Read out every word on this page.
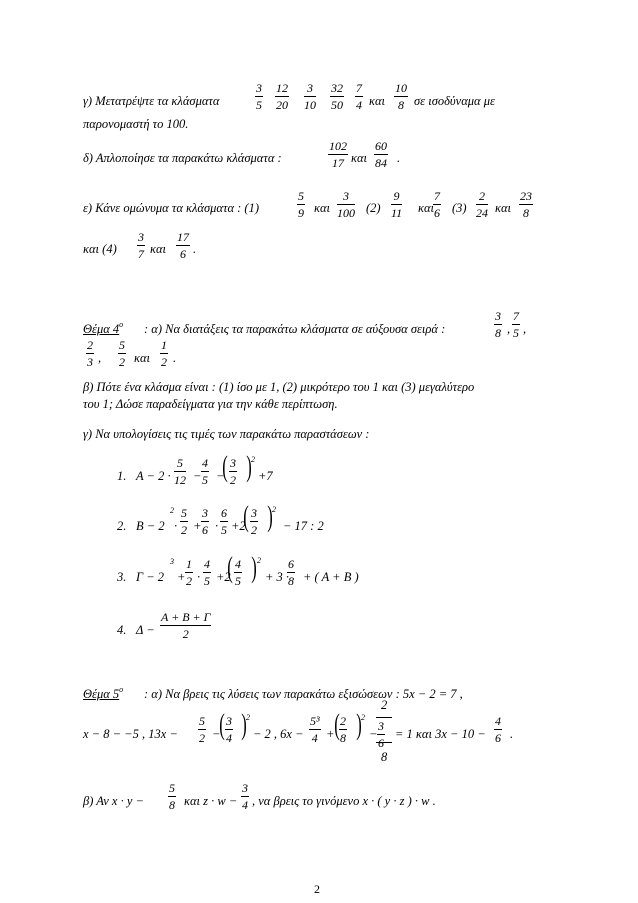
γ) Μετατρέψτε τα κλάσματα	και σε ισοδύναμα με
παρονομαστή το 100.
δ) Απλοποίησε τα παρακάτω κλάσματα :	και .
ε) Κάνε ομώνυμα τα κλάσματα : (1)	και	(2)	και (3) και
και (4)	και .
Θέμα $4^o$ : α) Να διατάξεις τα παρακάτω κλάσματα σε αύξουσα σειρά :	, ,
,	και .
β) Πότε ένα κλάσμα είναι : (1) ίσο με 1, (2) μικρότερο του 1 και (3) μεγαλύτερο
του 1; Δώσε παραδείγματα για την κάθε περίπτωση.
γ) Να υπολογίσεις τις τιμές των παρακάτω παραστάσεων :
1. Α − 2 · − −
( ) 2
+7
2. Β − 2
2
· + · +2
( ) 2
− 17 : 2
3. Γ − 2
3
+ · +2
( ) 2
+ 3 · + ( Α + Β )
4. Δ −
Θέμα $5^o$ : α) Να βρεις τις λύσεις των παρακάτω εξισώσεων : 5x − 2 = 7 ,
x − 8 − −5 , 13x −	−
( ) 2
− 2 , 6x − + ( ) 2
−
2
8
= 1 και 3x − 10 − .
β) Αν x · y −	και z · w − , να βρεις το γινόμενο x · ( y · z ) · w .
2
$\frac{3}{5} \frac{12}{20} \frac{3}{10} \frac{32}{50} \frac{7}{4}$	$\frac{10}{8}$
$\frac{102}{17} \frac{60}{84}$
$\frac{5}{9}$	$\frac{3}{100}$	$\frac{9}{11}$	$\frac{7}{6}$	$\frac{2}{24}$	$\frac{23}{8}$
$\frac{3}{7}$	$\frac{17}{6}$
$\frac{3}{8} \frac{7}{5}$
$\frac{2}{3} \frac{5}{2}$	$\frac{1}{2}$
$\frac{5}{12} \frac{4}{5} \frac{3}{2}$
$\frac{5}{2} \frac{3}{6} \frac{6}{5} \frac{3}{2}$
$\frac{1}{2} \frac{4}{5} \frac{4}{5}$	$\frac{6}{8}$
$\frac{A + B + \Gamma}{2}$
$\frac{5}{2} \frac{3}{4}$	$\frac{\text{5³}}{4} \frac{2}{8}$	$\frac{3}{6}$	$\frac{4}{6}$
$\frac{5}{8}$	$\frac{3}{4}$
